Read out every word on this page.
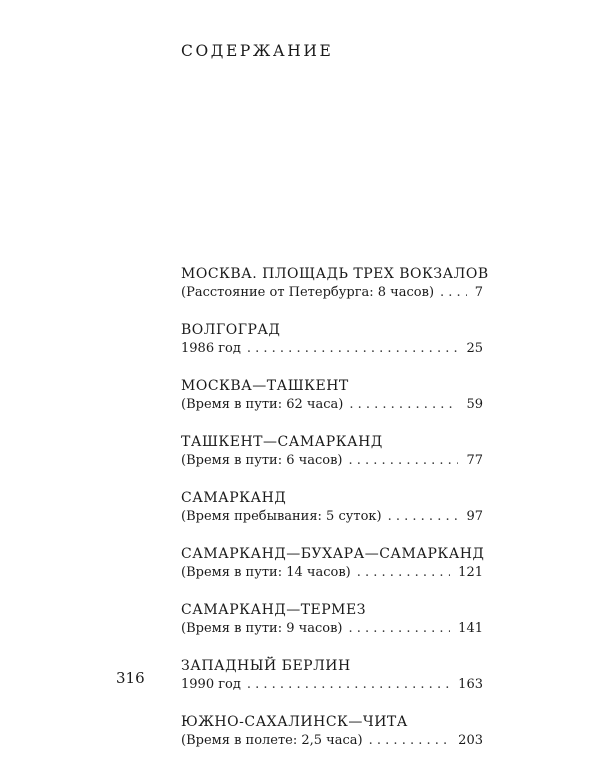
СОДЕРЖАНИЕ
МОСКВА. ПЛОЩАДЬ ТРЕХ ВОКЗАЛОВ
(Расстояние от Петербурга: 8 часов) . . .	7
ВОЛГОГРАД
1986 год . . .	25
МОСКВА—ТАШКЕНТ
(Время в пути: 62 часа) . . .	59
ТАШКЕНТ—САМАРКАНД
(Время в пути: 6 часов) . . .	77
САМАРКАНД
(Время пребывания: 5 суток) . . .	97
САМАРКАНД—БУХАРА—САМАРКАНД
(Время в пути: 14 часов) . . .	121
САМАРКАНД—ТЕРМЕЗ
(Время в пути: 9 часов) . . .	141
ЗАПАДНЫЙ БЕРЛИН
1990 год . . .	163
ЮЖНО-САХАЛИНСК—ЧИТА
(Время в полете: 2,5 часа) . . .	203
316
